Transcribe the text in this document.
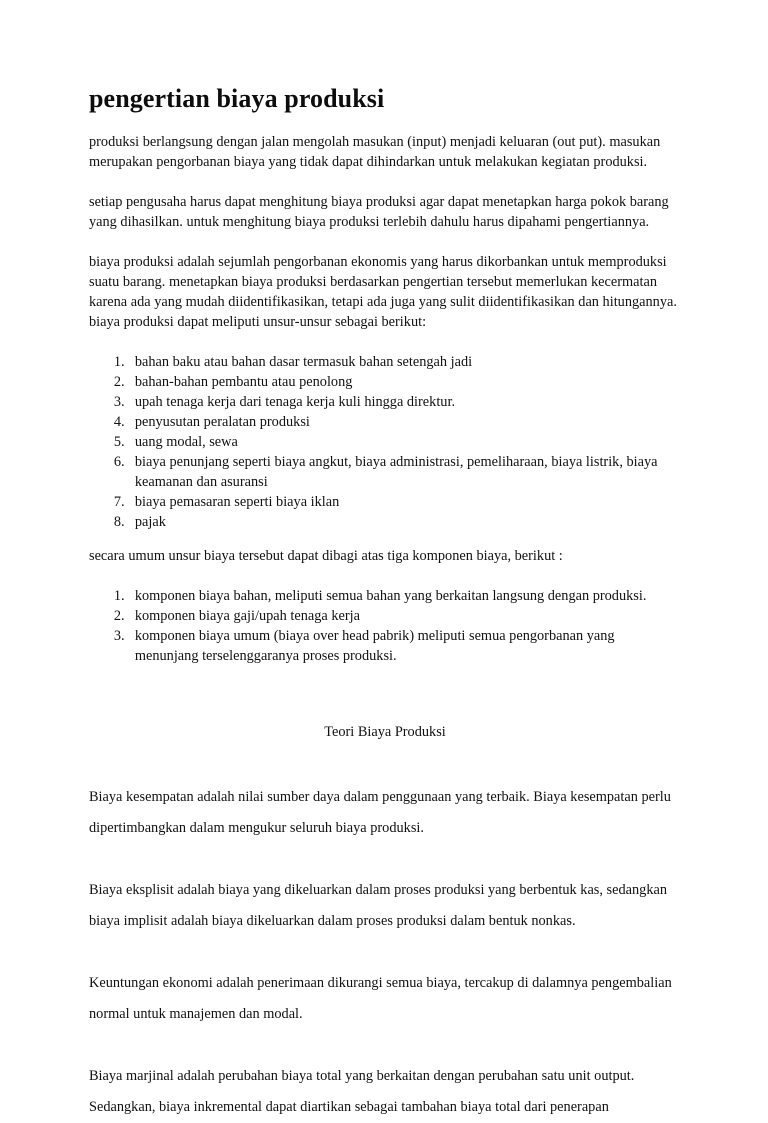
pengertian biaya produksi

produksi berlangsung dengan jalan mengolah masukan (input) menjadi keluaran (out put). masukan merupakan pengorbanan biaya yang tidak dapat dihindarkan untuk melakukan kegiatan produksi.

setiap pengusaha harus dapat menghitung biaya produksi agar dapat menetapkan harga pokok barang yang dihasilkan. untuk menghitung biaya produksi terlebih dahulu harus dipahami pengertiannya.

biaya produksi adalah sejumlah pengorbanan ekonomis yang harus dikorbankan untuk memproduksi suatu barang. menetapkan biaya produksi berdasarkan pengertian tersebut memerlukan kecermatan karena ada yang mudah diidentifikasikan, tetapi ada juga yang sulit diidentifikasikan dan hitungannya.

biaya produksi dapat meliputi unsur-unsur sebagai berikut:

bahan baku atau bahan dasar termasuk bahan setengah jadi
bahan-bahan pembantu atau penolong
upah tenaga kerja dari tenaga kerja kuli hingga direktur.
penyusutan peralatan produksi
uang modal, sewa
biaya penunjang seperti biaya angkut, biaya administrasi, pemeliharaan, biaya listrik, biaya keamanan dan asuransi
biaya pemasaran seperti biaya iklan
pajak

secara umum unsur biaya tersebut dapat dibagi atas tiga komponen biaya, berikut :

komponen biaya bahan, meliputi semua bahan yang berkaitan langsung dengan produksi.
komponen biaya gaji/upah tenaga kerja
komponen biaya umum (biaya over head pabrik) meliputi semua pengorbanan yang menunjang terselenggaranya proses produksi.

Teori Biaya Produksi

Biaya kesempatan adalah nilai sumber daya dalam penggunaan yang terbaik. Biaya kesempatan perlu dipertimbangkan dalam mengukur seluruh biaya produksi.

Biaya eksplisit adalah biaya yang dikeluarkan dalam proses produksi yang berbentuk kas, sedangkan biaya implisit adalah biaya dikeluarkan dalam proses produksi dalam bentuk nonkas.

Keuntungan ekonomi adalah penerimaan dikurangi semua biaya, tercakup di dalamnya pengembalian normal untuk manajemen dan modal.

Biaya marjinal adalah perubahan biaya total yang berkaitan dengan perubahan satu unit output. Sedangkan, biaya inkremental dapat diartikan sebagai tambahan biaya total dari penerapan
